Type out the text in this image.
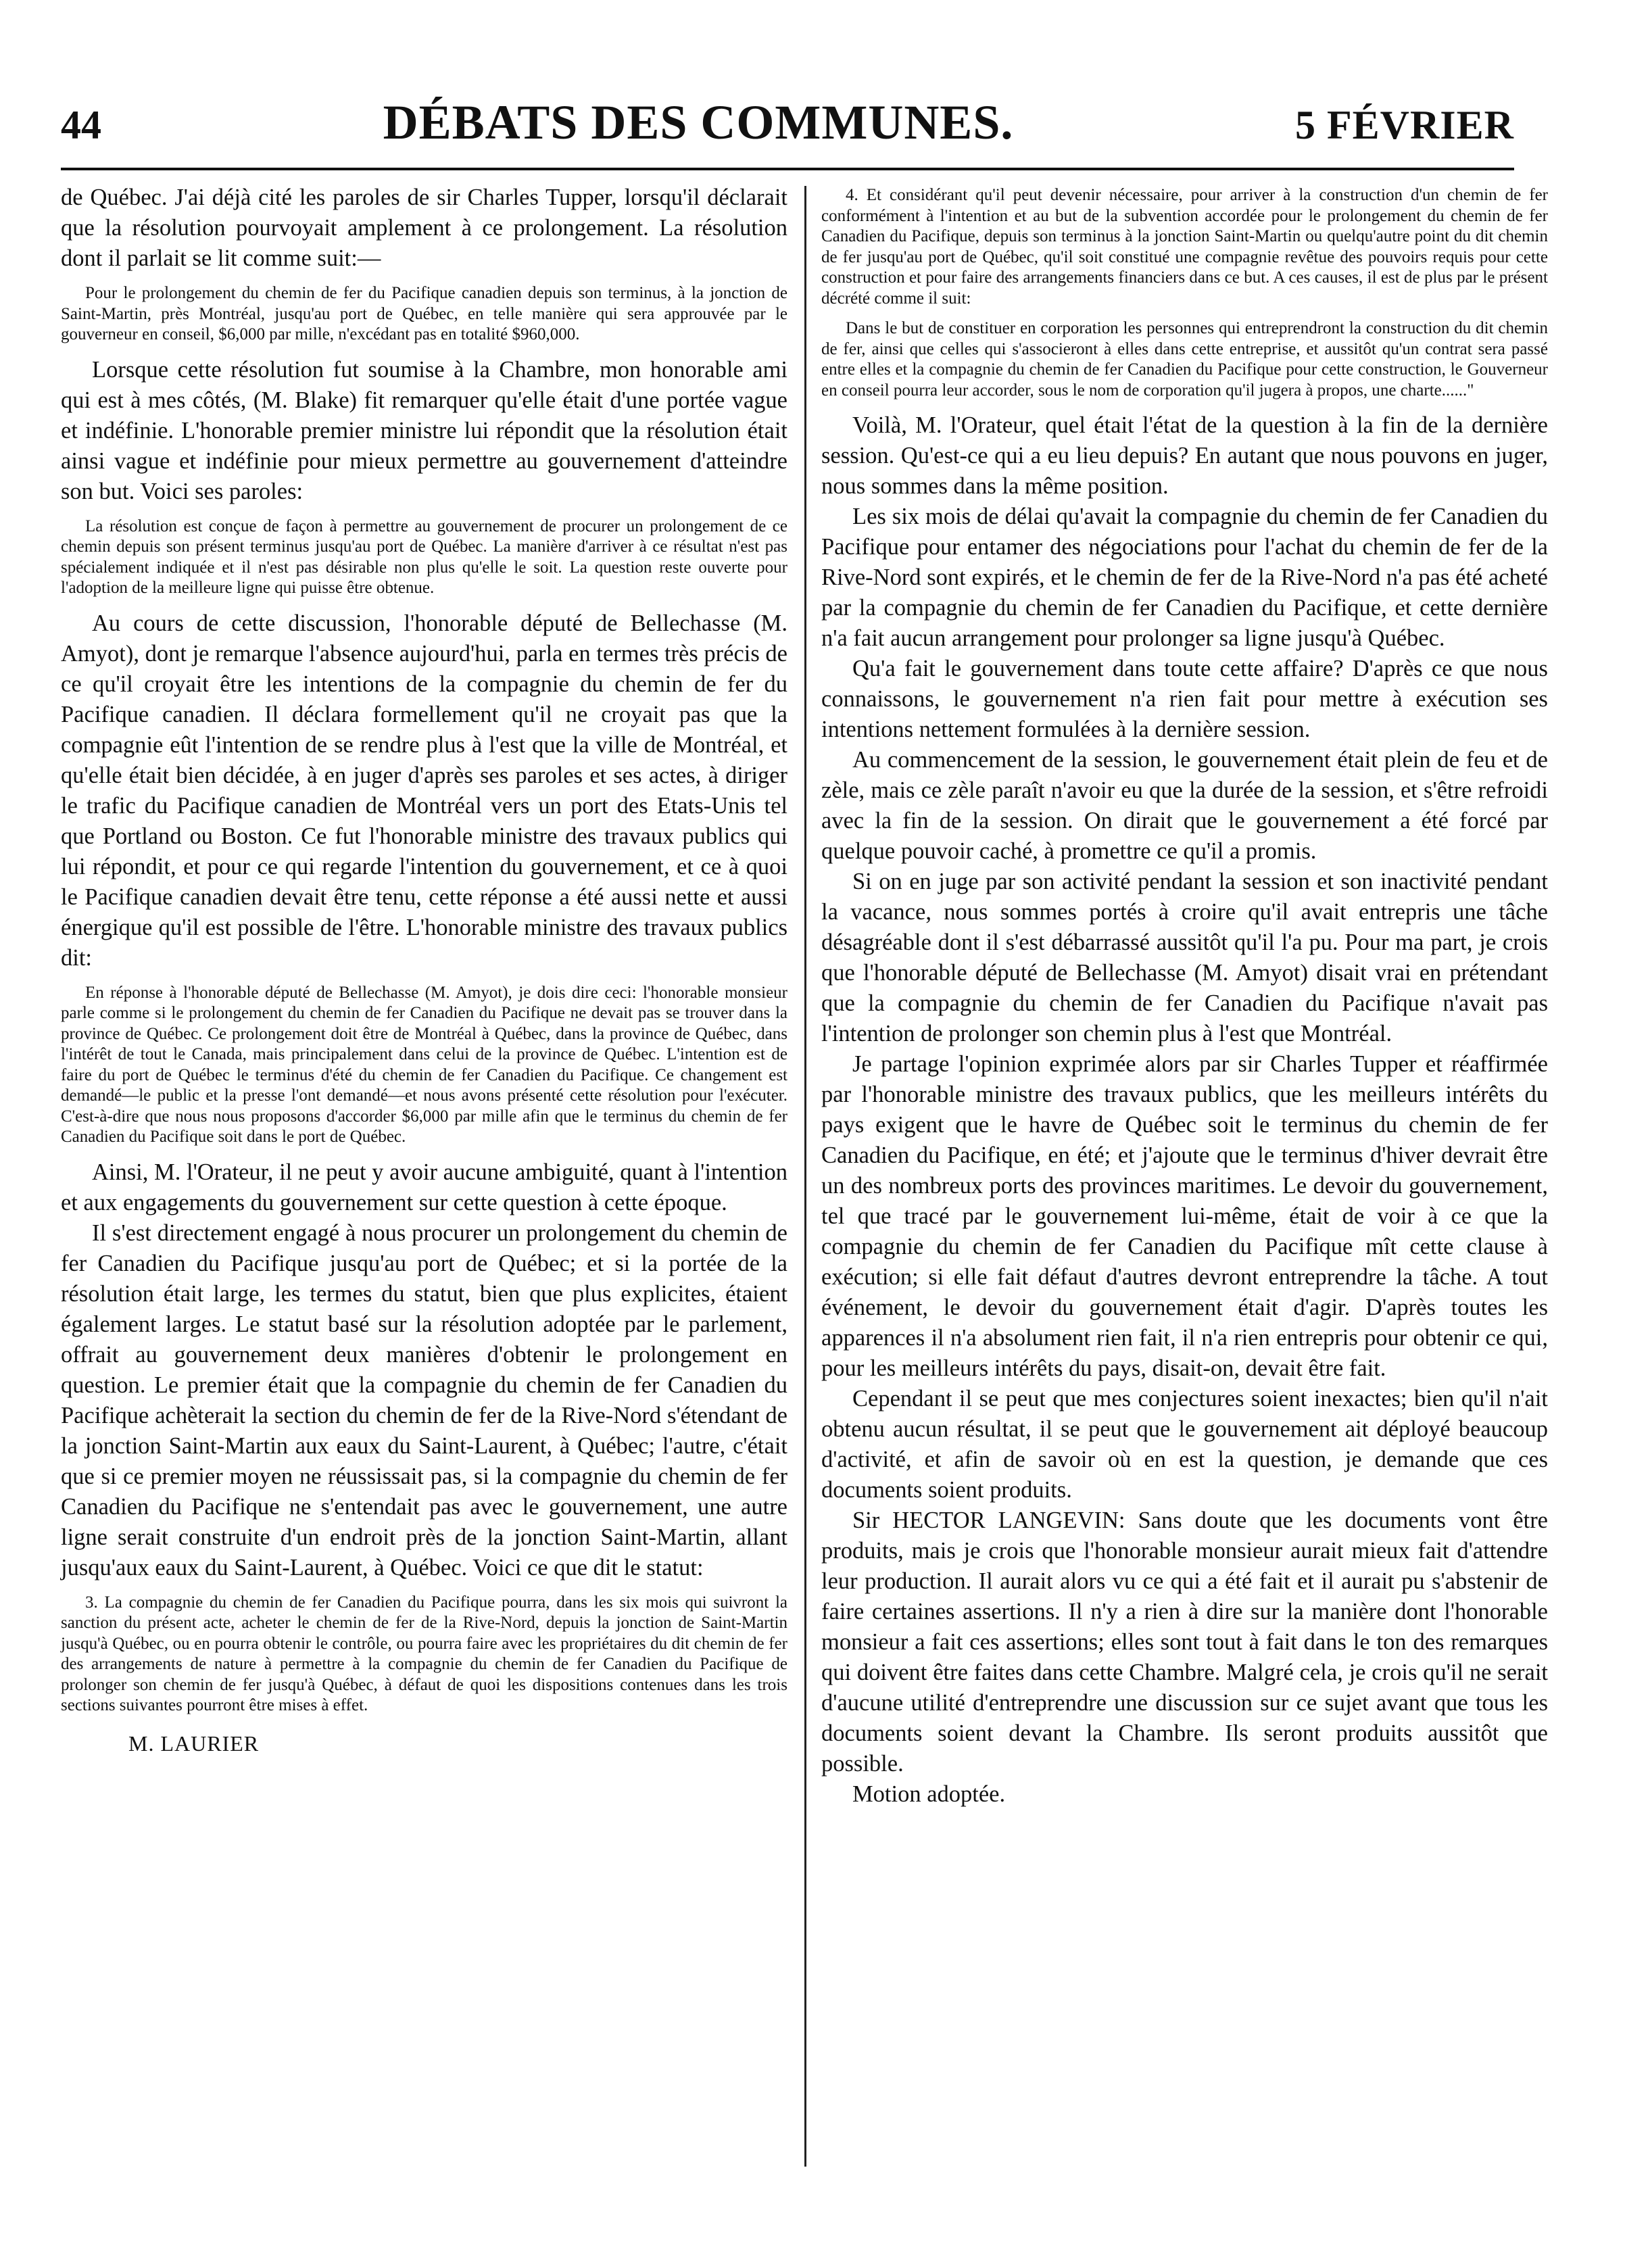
44	DÉBATS DES COMMUNES.	5 FÉVRIER

de Québec. J'ai déjà cité les paroles de sir Charles Tupper, lorsqu'il déclarait que la résolution pourvoyait amplement à ce prolongement. La résolution dont il parlait se lit comme suit:—

Pour le prolongement du chemin de fer du Pacifique canadien depuis son terminus, à la jonction de Saint-Martin, près Montréal, jusqu'au port de Québec, en telle manière qui sera approuvée par le gouverneur en conseil, $6,000 par mille, n'excédant pas en totalité $960,000.

Lorsque cette résolution fut soumise à la Chambre, mon honorable ami qui est à mes côtés, (M. Blake) fit remarquer qu'elle était d'une portée vague et indéfinie. L'honorable premier ministre lui répondit que la résolution était ainsi vague et indéfinie pour mieux permettre au gouvernement d'atteindre son but. Voici ses paroles:

La résolution est conçue de façon à permettre au gouvernement de procurer un prolongement de ce chemin depuis son présent terminus jusqu'au port de Québec. La manière d'arriver à ce résultat n'est pas spécialement indiquée et il n'est pas désirable non plus qu'elle le soit. La question reste ouverte pour l'adoption de la meilleure ligne qui puisse être obtenue.

Au cours de cette discussion, l'honorable député de Bellechasse (M. Amyot), dont je remarque l'absence aujourd'hui, parla en termes très précis de ce qu'il croyait être les intentions de la compagnie du chemin de fer du Pacifique canadien. Il déclara formellement qu'il ne croyait pas que la compagnie eût l'intention de se rendre plus à l'est que la ville de Montréal, et qu'elle était bien décidée, à en juger d'après ses paroles et ses actes, à diriger le trafic du Pacifique canadien de Montréal vers un port des Etats-Unis tel que Portland ou Boston. Ce fut l'honorable ministre des travaux publics qui lui répondit, et pour ce qui regarde l'intention du gouvernement, et ce à quoi le Pacifique canadien devait être tenu, cette réponse a été aussi nette et aussi énergique qu'il est possible de l'être. L'honorable ministre des travaux publics dit:

En réponse à l'honorable député de Bellechasse (M. Amyot), je dois dire ceci: l'honorable monsieur parle comme si le prolongement du chemin de fer Canadien du Pacifique ne devait pas se trouver dans la province de Québec. Ce prolongement doit être de Montréal à Québec, dans la province de Québec, dans l'intérêt de tout le Canada, mais principalement dans celui de la province de Québec. L'intention est de faire du port de Québec le terminus d'été du chemin de fer Canadien du Pacifique. Ce changement est demandé—le public et la presse l'ont demandé—et nous avons présenté cette résolution pour l'exécuter. C'est-à-dire que nous nous proposons d'accorder $6,000 par mille afin que le terminus du chemin de fer Canadien du Pacifique soit dans le port de Québec.

Ainsi, M. l'Orateur, il ne peut y avoir aucune ambiguité, quant à l'intention et aux engagements du gouvernement sur cette question à cette époque.

Il s'est directement engagé à nous procurer un prolongement du chemin de fer Canadien du Pacifique jusqu'au port de Québec; et si la portée de la résolution était large, les termes du statut, bien que plus explicites, étaient également larges. Le statut basé sur la résolution adoptée par le parlement, offrait au gouvernement deux manières d'obtenir le prolongement en question. Le premier était que la compagnie du chemin de fer Canadien du Pacifique achèterait la section du chemin de fer de la Rive-Nord s'étendant de la jonction Saint-Martin aux eaux du Saint-Laurent, à Québec; l'autre, c'était que si ce premier moyen ne réussissait pas, si la compagnie du chemin de fer Canadien du Pacifique ne s'entendait pas avec le gouvernement, une autre ligne serait construite d'un endroit près de la jonction Saint-Martin, allant jusqu'aux eaux du Saint-Laurent, à Québec. Voici ce que dit le statut:

3. La compagnie du chemin de fer Canadien du Pacifique pourra, dans les six mois qui suivront la sanction du présent acte, acheter le chemin de fer de la Rive-Nord, depuis la jonction de Saint-Martin jusqu'à Québec, ou en pourra obtenir le contrôle, ou pourra faire avec les propriétaires du dit chemin de fer des arrangements de nature à permettre à la compagnie du chemin de fer Canadien du Pacifique de prolonger son chemin de fer jusqu'à Québec, à défaut de quoi les dispositions contenues dans les trois sections suivantes pourront être mises à effet.

M. LAURIER

4. Et considérant qu'il peut devenir nécessaire, pour arriver à la construction d'un chemin de fer conformément à l'intention et au but de la subvention accordée pour le prolongement du chemin de fer Canadien du Pacifique, depuis son terminus à la jonction Saint-Martin ou quelqu'autre point du dit chemin de fer jusqu'au port de Québec, qu'il soit constitué une compagnie revêtue des pouvoirs requis pour cette construction et pour faire des arrangements financiers dans ce but. A ces causes, il est de plus par le présent décrété comme il suit:

Dans le but de constituer en corporation les personnes qui entreprendront la construction du dit chemin de fer, ainsi que celles qui s'associeront à elles dans cette entreprise, et aussitôt qu'un contrat sera passé entre elles et la compagnie du chemin de fer Canadien du Pacifique pour cette construction, le Gouverneur en conseil pourra leur accorder, sous le nom de corporation qu'il jugera à propos, une charte......"

Voilà, M. l'Orateur, quel était l'état de la question à la fin de la dernière session. Qu'est-ce qui a eu lieu depuis? En autant que nous pouvons en juger, nous sommes dans la même position.

Les six mois de délai qu'avait la compagnie du chemin de fer Canadien du Pacifique pour entamer des négociations pour l'achat du chemin de fer de la Rive-Nord sont expirés, et le chemin de fer de la Rive-Nord n'a pas été acheté par la compagnie du chemin de fer Canadien du Pacifique, et cette dernière n'a fait aucun arrangement pour prolonger sa ligne jusqu'à Québec.

Qu'a fait le gouvernement dans toute cette affaire? D'après ce que nous connaissons, le gouvernement n'a rien fait pour mettre à exécution ses intentions nettement formulées à la dernière session.

Au commencement de la session, le gouvernement était plein de feu et de zèle, mais ce zèle paraît n'avoir eu que la durée de la session, et s'être refroidi avec la fin de la session. On dirait que le gouvernement a été forcé par quelque pouvoir caché, à promettre ce qu'il a promis.

Si on en juge par son activité pendant la session et son inactivité pendant la vacance, nous sommes portés à croire qu'il avait entrepris une tâche désagréable dont il s'est débarrassé aussitôt qu'il l'a pu. Pour ma part, je crois que l'honorable député de Bellechasse (M. Amyot) disait vrai en prétendant que la compagnie du chemin de fer Canadien du Pacifique n'avait pas l'intention de prolonger son chemin plus à l'est que Montréal.

Je partage l'opinion exprimée alors par sir Charles Tupper et réaffirmée par l'honorable ministre des travaux publics, que les meilleurs intérêts du pays exigent que le havre de Québec soit le terminus du chemin de fer Canadien du Pacifique, en été; et j'ajoute que le terminus d'hiver devrait être un des nombreux ports des provinces maritimes. Le devoir du gouvernement, tel que tracé par le gouvernement lui-même, était de voir à ce que la compagnie du chemin de fer Canadien du Pacifique mît cette clause à exécution; si elle fait défaut d'autres devront entreprendre la tâche. A tout événement, le devoir du gouvernement était d'agir. D'après toutes les apparences il n'a absolument rien fait, il n'a rien entrepris pour obtenir ce qui, pour les meilleurs intérêts du pays, disait-on, devait être fait.

Cependant il se peut que mes conjectures soient inexactes; bien qu'il n'ait obtenu aucun résultat, il se peut que le gouvernement ait déployé beaucoup d'activité, et afin de savoir où en est la question, je demande que ces documents soient produits.

Sir HECTOR LANGEVIN: Sans doute que les documents vont être produits, mais je crois que l'honorable monsieur aurait mieux fait d'attendre leur production. Il aurait alors vu ce qui a été fait et il aurait pu s'abstenir de faire certaines assertions. Il n'y a rien à dire sur la manière dont l'honorable monsieur a fait ces assertions; elles sont tout à fait dans le ton des remarques qui doivent être faites dans cette Chambre. Malgré cela, je crois qu'il ne serait d'aucune utilité d'entreprendre une discussion sur ce sujet avant que tous les documents soient devant la Chambre. Ils seront produits aussitôt que possible.

Motion adoptée.
